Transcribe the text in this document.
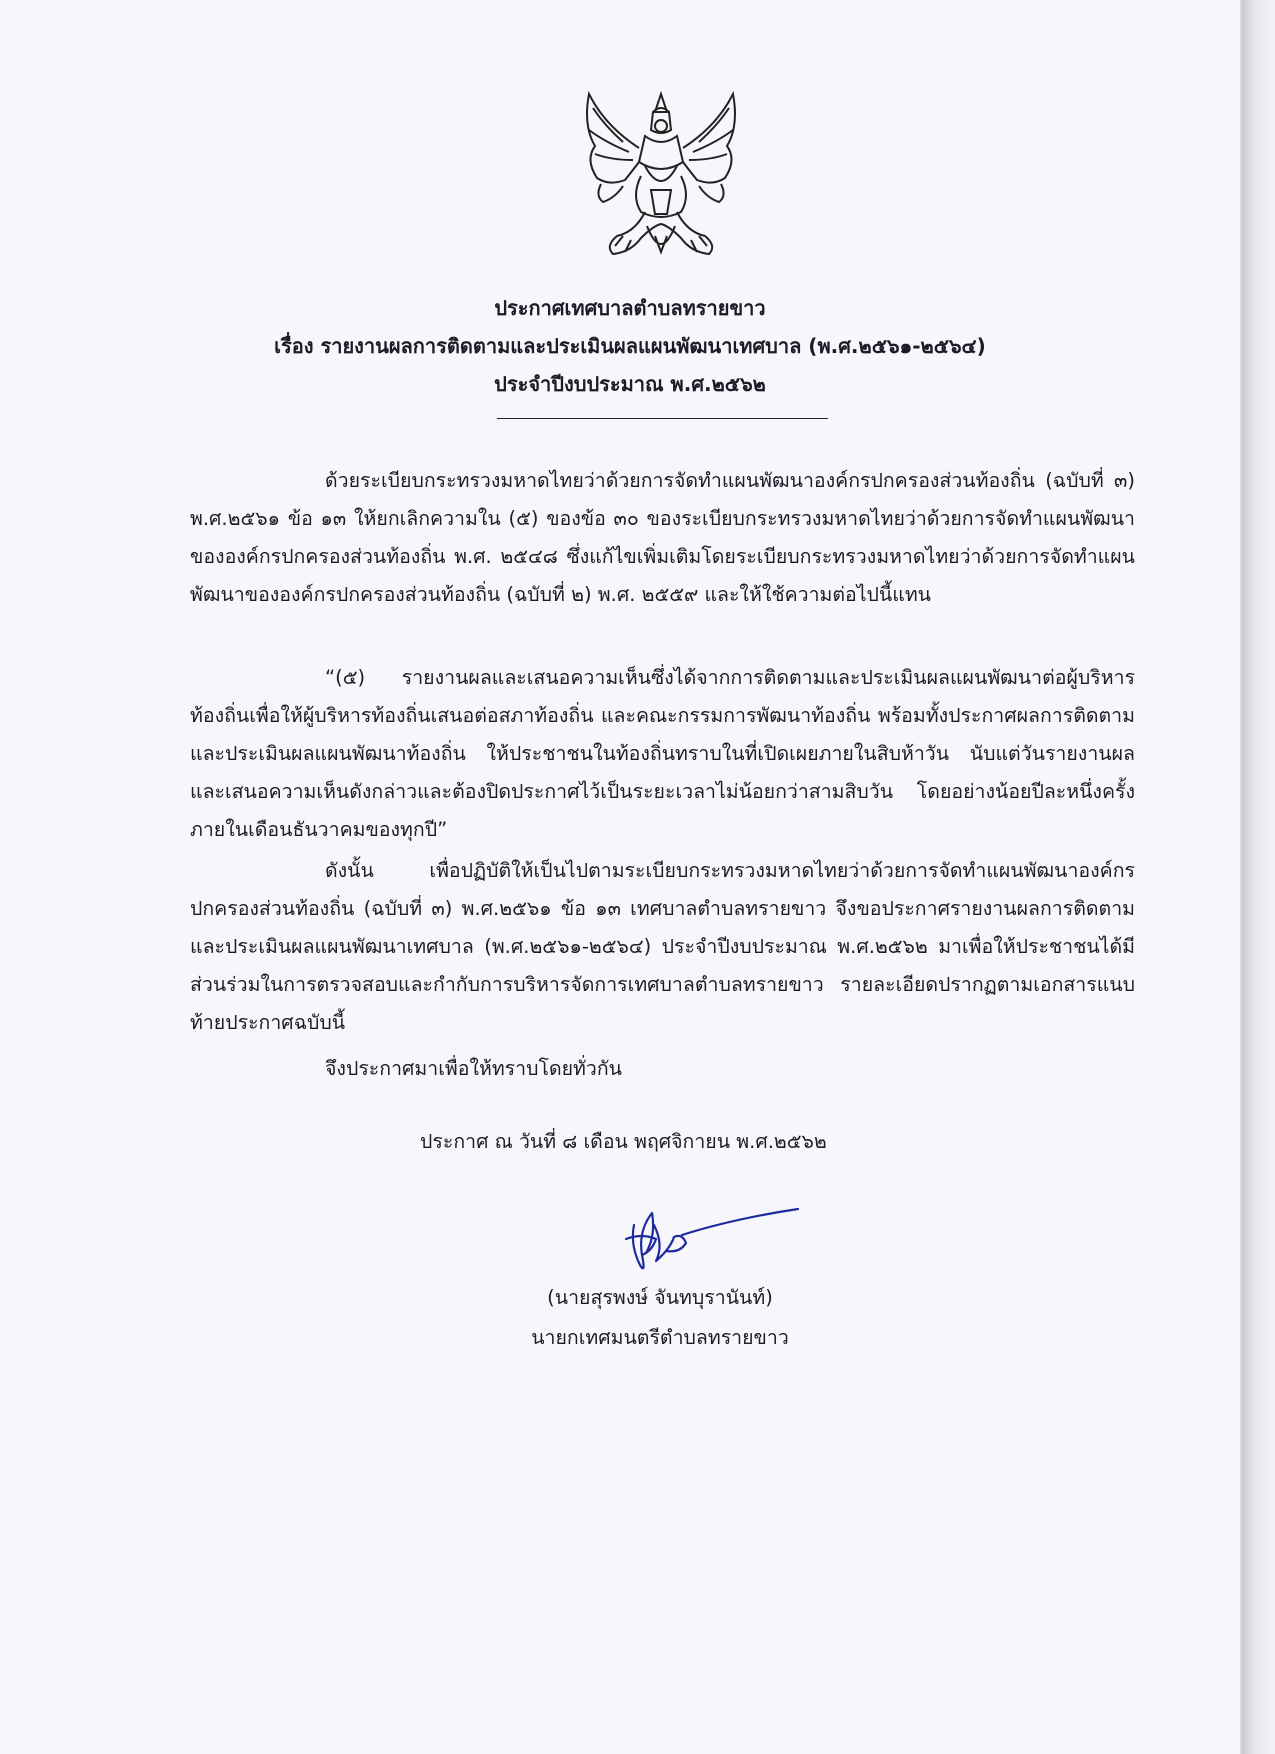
ประกาศเทศบาลตำบลทรายขาว
เรื่อง รายงานผลการติดตามและประเมินผลแผนพัฒนาเทศบาล (พ.ศ.๒๕๖๑-๒๕๖๔)
ประจำปีงบประมาณ พ.ศ.๒๕๖๒
ด้วยระเบียบกระทรวงมหาดไทยว่าด้วยการจัดทำแผนพัฒนาองค์กรปกครองส่วนท้องถิ่น (ฉบับที่ ๓) พ.ศ.๒๕๖๑ ข้อ ๑๓ ให้ยกเลิกความใน (๕) ของข้อ ๓๐ ของระเบียบกระทรวงมหาดไทยว่าด้วยการจัดทำแผนพัฒนาขององค์กรปกครองส่วนท้องถิ่น พ.ศ. ๒๕๔๘ ซึ่งแก้ไขเพิ่มเติมโดยระเบียบกระทรวงมหาดไทยว่าด้วยการจัดทำแผนพัฒนาขององค์กรปกครองส่วนท้องถิ่น (ฉบับที่ ๒) พ.ศ. ๒๕๕๙ และให้ใช้ความต่อไปนี้แทน
“(๕) รายงานผลและเสนอความเห็นซึ่งได้จากการติดตามและประเมินผลแผนพัฒนาต่อผู้บริหารท้องถิ่นเพื่อให้ผู้บริหารท้องถิ่นเสนอต่อสภาท้องถิ่น และคณะกรรมการพัฒนาท้องถิ่น พร้อมทั้งประกาศผลการติดตามและประเมินผลแผนพัฒนาท้องถิ่น ให้ประชาชนในท้องถิ่นทราบในที่เปิดเผยภายในสิบห้าวัน นับแต่วันรายงานผลและเสนอความเห็นดังกล่าวและต้องปิดประกาศไว้เป็นระยะเวลาไม่น้อยกว่าสามสิบวัน โดยอย่างน้อยปีละหนึ่งครั้งภายในเดือนธันวาคมของทุกปี”
ดังนั้น เพื่อปฏิบัติให้เป็นไปตามระเบียบกระทรวงมหาดไทยว่าด้วยการจัดทำแผนพัฒนาองค์กรปกครองส่วนท้องถิ่น (ฉบับที่ ๓) พ.ศ.๒๕๖๑ ข้อ ๑๓ เทศบาลตำบลทรายขาว จึงขอประกาศรายงานผลการติดตามและประเมินผลแผนพัฒนาเทศบาล (พ.ศ.๒๕๖๑-๒๕๖๔) ประจำปีงบประมาณ พ.ศ.๒๕๖๒ มาเพื่อให้ประชาชนได้มีส่วนร่วมในการตรวจสอบและกำกับการบริหารจัดการเทศบาลตำบลทรายขาว รายละเอียดปรากฏตามเอกสารแนบท้ายประกาศฉบับนี้
จึงประกาศมาเพื่อให้ทราบโดยทั่วกัน
ประกาศ ณ วันที่ ๘ เดือน พฤศจิกายน พ.ศ.๒๕๖๒
(นายสุรพงษ์ จันทบุรานันท์)
นายกเทศมนตรีตำบลทรายขาว
